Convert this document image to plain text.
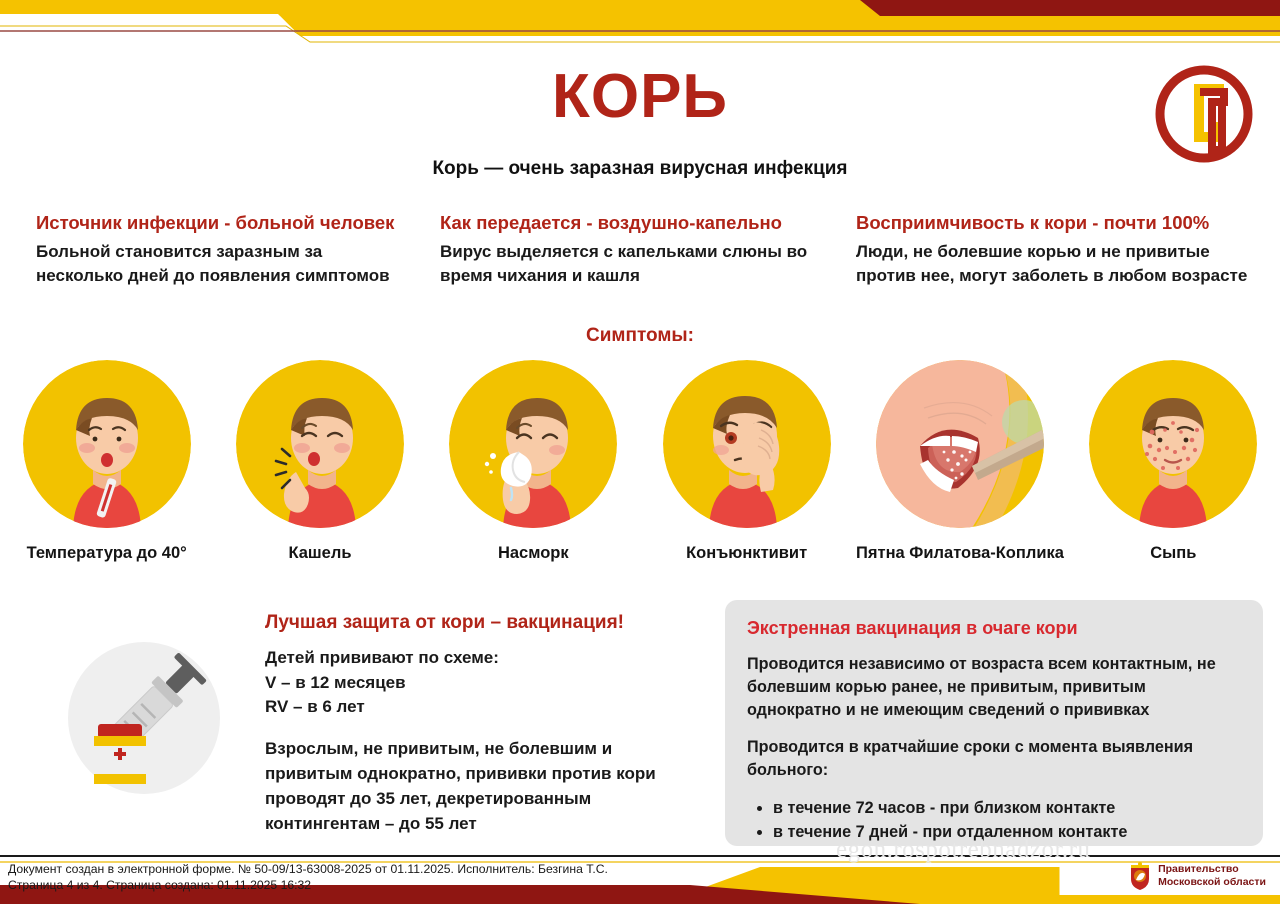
КОРЬ
Корь — очень заразная вирусная инфекция
Источник инфекции - больной человек

Больной становится заразным за несколько дней до появления симптомов

Как передается - воздушно-капельно

Вирус выделяется с капельками слюны во время чихания и кашля

Восприимчивость к кори - почти 100%

Люди, не болевшие корью и не привитые против нее, могут заболеть в любом возрасте

Симптомы:
Температура до 40°	Кашель	Насморк	Конъюнктивит	Пятна Филатова-Коплика	Сыпь
Лучшая защита от кори – вакцинация!
Детей прививают по схеме:
V – в 12 месяцев
RV – в 6 лет

Взрослым, не привитым, не болевшим и привитым однократно, прививки против кори проводят до 35 лет, декретированным контингентам – до 55 лет

Экстренная вакцинация в очаге кори

Проводится независимо от возраста всем контактным, не болевшим корью ранее, не привитым, привитым однократно и не имеющим сведений о прививках

Проводится в кратчайшие сроки с момента выявления больного:

• в течение 72 часов - при близком контакте
• в течение 7 дней - при отдаленном контакте
egon.rospotrebnadzor.ru
Документ создан в электронной форме. № 50-09/13-63008-2025 от 01.11.2025. Исполнитель: Безгина Т.С.
Страница 4 из 4. Страница создана: 01.11.2025 16:32
Правительство
Московской области
